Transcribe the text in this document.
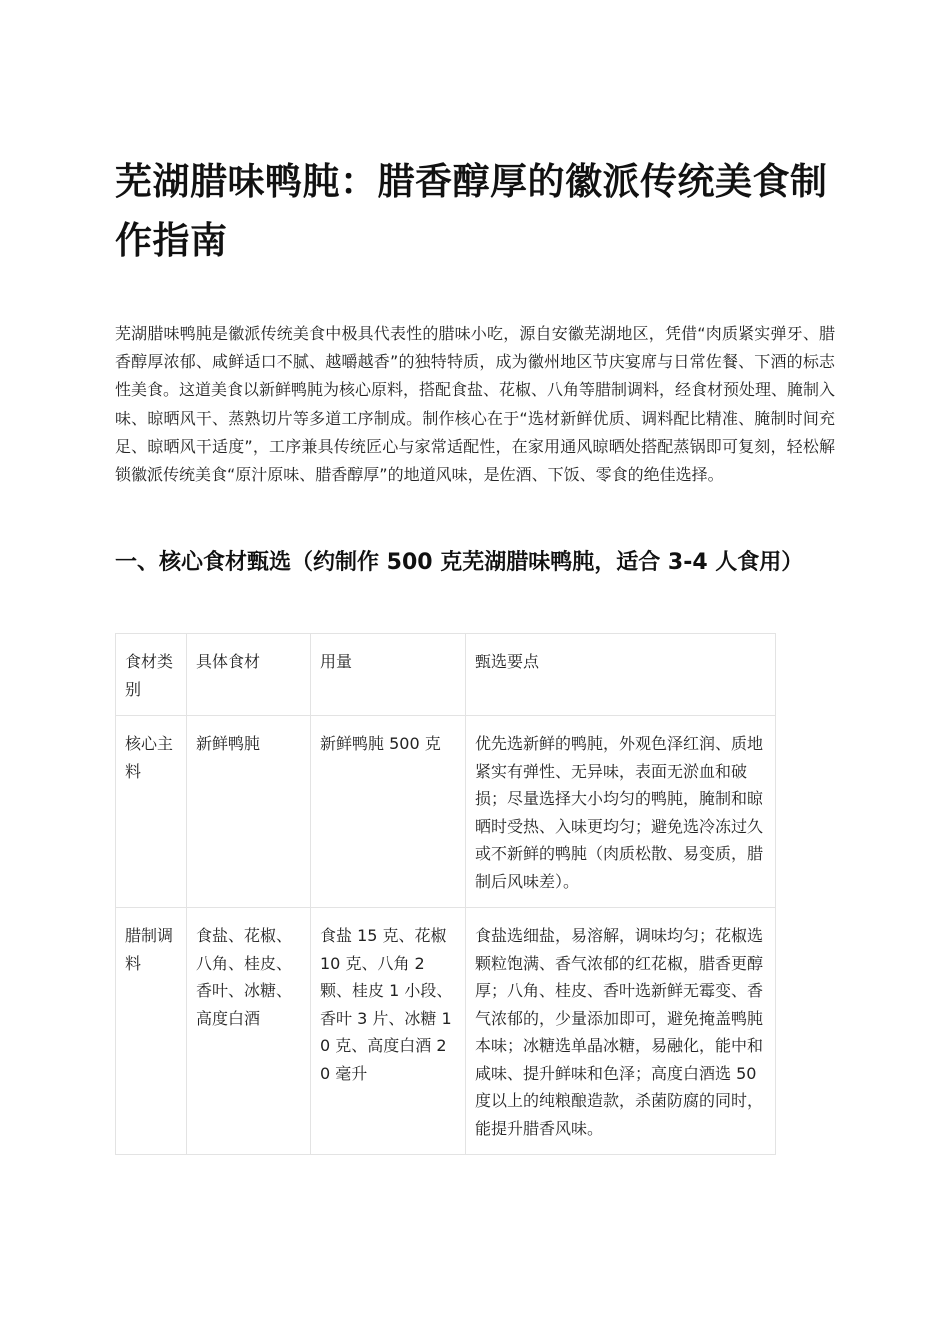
芜湖腊味鸭肫：腊香醇厚的徽派传统美食制作指南

芜湖腊味鸭肫是徽派传统美食中极具代表性的腊味小吃，源自安徽芜湖地区，凭借“肉质紧实弹牙、腊香醇厚浓郁、咸鲜适口不腻、越嚼越香”的独特特质，成为徽州地区节庆宴席与日常佐餐、下酒的标志性美食。这道美食以新鲜鸭肫为核心原料，搭配食盐、花椒、八角等腊制调料，经食材预处理、腌制入味、晾晒风干、蒸熟切片等多道工序制成。制作核心在于“选材新鲜优质、调料配比精准、腌制时间充足、晾晒风干适度”，工序兼具传统匠心与家常适配性，在家用通风晾晒处搭配蒸锅即可复刻，轻松解锁徽派传统美食“原汁原味、腊香醇厚”的地道风味，是佐酒、下饭、零食的绝佳选择。

一、核心食材甄选（约制作 500 克芜湖腊味鸭肫，适合 3-4 人食用）
食材类别	具体食材	用量	甄选要点
核心主料	新鲜鸭肫	新鲜鸭肫 500 克	优先选新鲜的鸭肫，外观色泽红润、质地紧实有弹性、无异味，表面无淤血和破损；尽量选择大小均匀的鸭肫，腌制和晾晒时受热、入味更均匀；避免选冷冻过久或不新鲜的鸭肫（肉质松散、易变质，腊制后风味差）。
腊制调料	食盐、花椒、八角、桂皮、香叶、冰糖、高度白酒	食盐 15 克、花椒 10 克、八角 2 颗、桂皮 1 小段、香叶 3 片、冰糖 10 克、高度白酒 20 毫升	食盐选细盐，易溶解，调味均匀；花椒选颗粒饱满、香气浓郁的红花椒，腊香更醇厚；八角、桂皮、香叶选新鲜无霉变、香气浓郁的，少量添加即可，避免掩盖鸭肫本味；冰糖选单晶冰糖，易融化，能中和咸味、提升鲜味和色泽；高度白酒选 50 度以上的纯粮酿造款，杀菌防腐的同时，能提升腊香风味。
